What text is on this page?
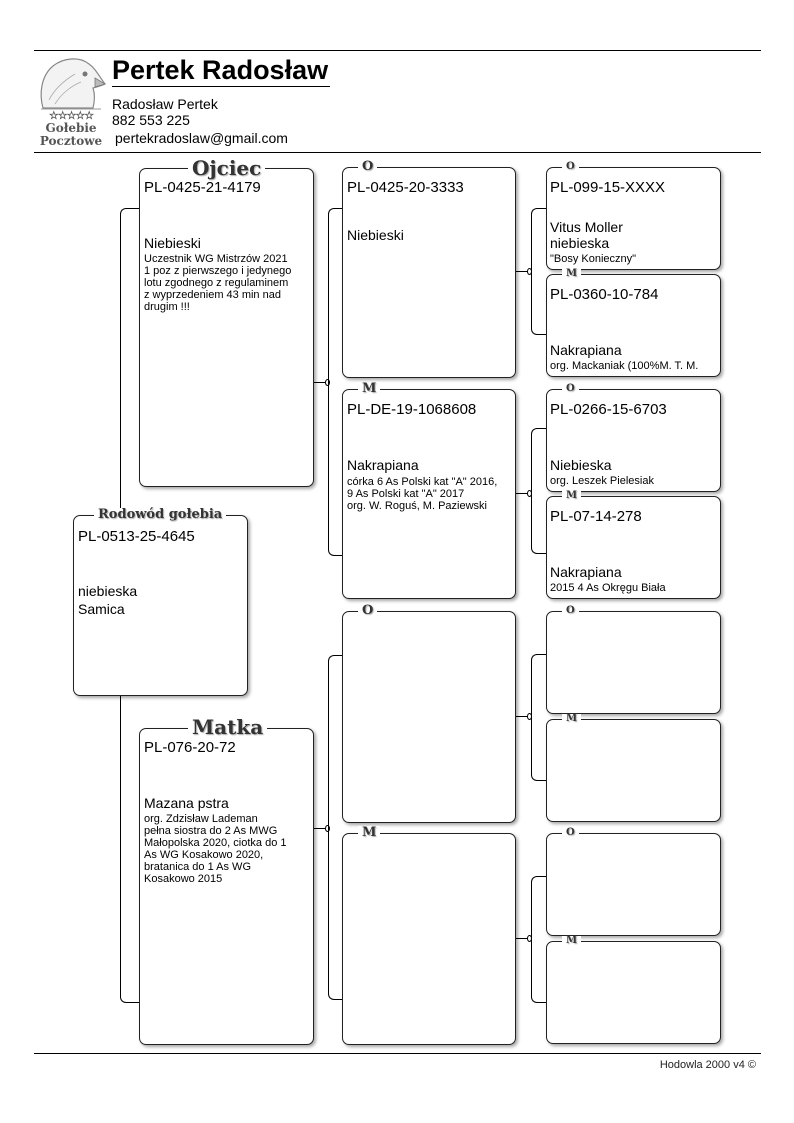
☆☆☆☆☆
Gołebie
Pocztowe
Pertek Radosław
Radosław Pertek
882 553 225
pertekradoslaw@gmail.com
PL-0513-25-4645
niebieska
Samica
Rodowód gołebia
PL-0425-21-4179
Niebieski
Uczestnik WG Mistrzów 2021
1 poz z pierwszego i jedynego
lotu zgodnego z regulaminem
z wyprzedeniem 43 min nad
drugim !!!
Ojciec
PL-076-20-72
Mazana pstra
org. Zdzisław Lademan
pełna siostra do 2 As MWG
Małopolska 2020, ciotka do 1
As WG Kosakowo 2020,
bratanica do 1 As WG
Kosakowo 2015
Matka
PL-0425-20-3333
Niebieski
O
PL-DE-19-1068608
Nakrapiana
córka 6 As Polski kat "A" 2016,
9 As Polski kat "A" 2017
org. W. Roguś, M. Paziewski
M
O
M
PL-099-15-XXXX
Vitus Moller
niebieska
"Bosy Konieczny"
O
PL-0360-10-784
Nakrapiana
org. Mackaniak (100%M. T. M.
M
PL-0266-15-6703
Niebieska
org. Leszek Pielesiak
O
PL-07-14-278
Nakrapiana
2015 4 As Okręgu Biała
M
O
M
O
M
Hodowla 2000 v4 ©
